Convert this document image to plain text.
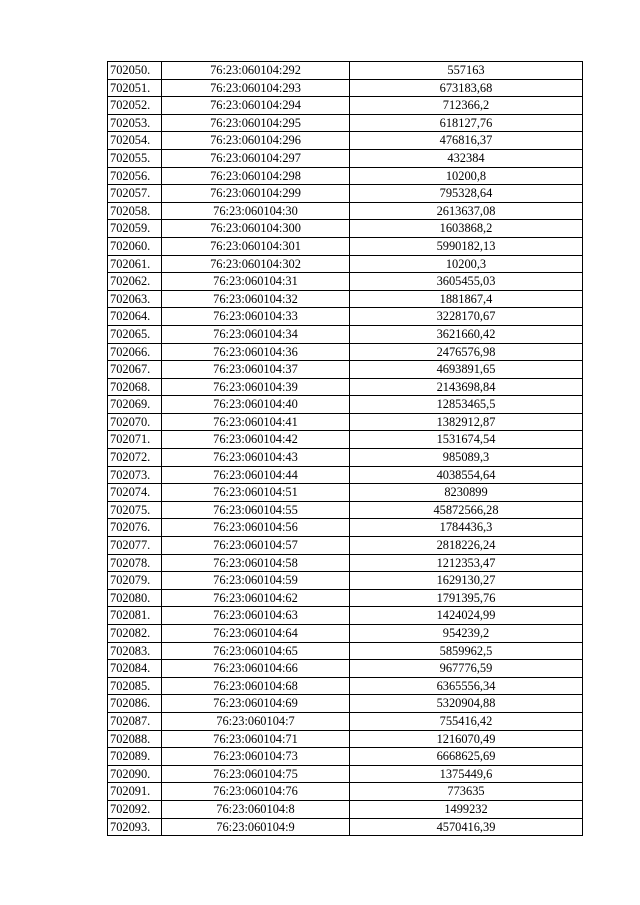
702050.	76:23:060104:292	557163
702051.	76:23:060104:293	673183,68
702052.	76:23:060104:294	712366,2
702053.	76:23:060104:295	618127,76
702054.	76:23:060104:296	476816,37
702055.	76:23:060104:297	432384
702056.	76:23:060104:298	10200,8
702057.	76:23:060104:299	795328,64
702058.	76:23:060104:30	2613637,08
702059.	76:23:060104:300	1603868,2
702060.	76:23:060104:301	5990182,13
702061.	76:23:060104:302	10200,3
702062.	76:23:060104:31	3605455,03
702063.	76:23:060104:32	1881867,4
702064.	76:23:060104:33	3228170,67
702065.	76:23:060104:34	3621660,42
702066.	76:23:060104:36	2476576,98
702067.	76:23:060104:37	4693891,65
702068.	76:23:060104:39	2143698,84
702069.	76:23:060104:40	12853465,5
702070.	76:23:060104:41	1382912,87
702071.	76:23:060104:42	1531674,54
702072.	76:23:060104:43	985089,3
702073.	76:23:060104:44	4038554,64
702074.	76:23:060104:51	8230899
702075.	76:23:060104:55	45872566,28
702076.	76:23:060104:56	1784436,3
702077.	76:23:060104:57	2818226,24
702078.	76:23:060104:58	1212353,47
702079.	76:23:060104:59	1629130,27
702080.	76:23:060104:62	1791395,76
702081.	76:23:060104:63	1424024,99
702082.	76:23:060104:64	954239,2
702083.	76:23:060104:65	5859962,5
702084.	76:23:060104:66	967776,59
702085.	76:23:060104:68	6365556,34
702086.	76:23:060104:69	5320904,88
702087.	76:23:060104:7	755416,42
702088.	76:23:060104:71	1216070,49
702089.	76:23:060104:73	6668625,69
702090.	76:23:060104:75	1375449,6
702091.	76:23:060104:76	773635
702092.	76:23:060104:8	1499232
702093.	76:23:060104:9	4570416,39
